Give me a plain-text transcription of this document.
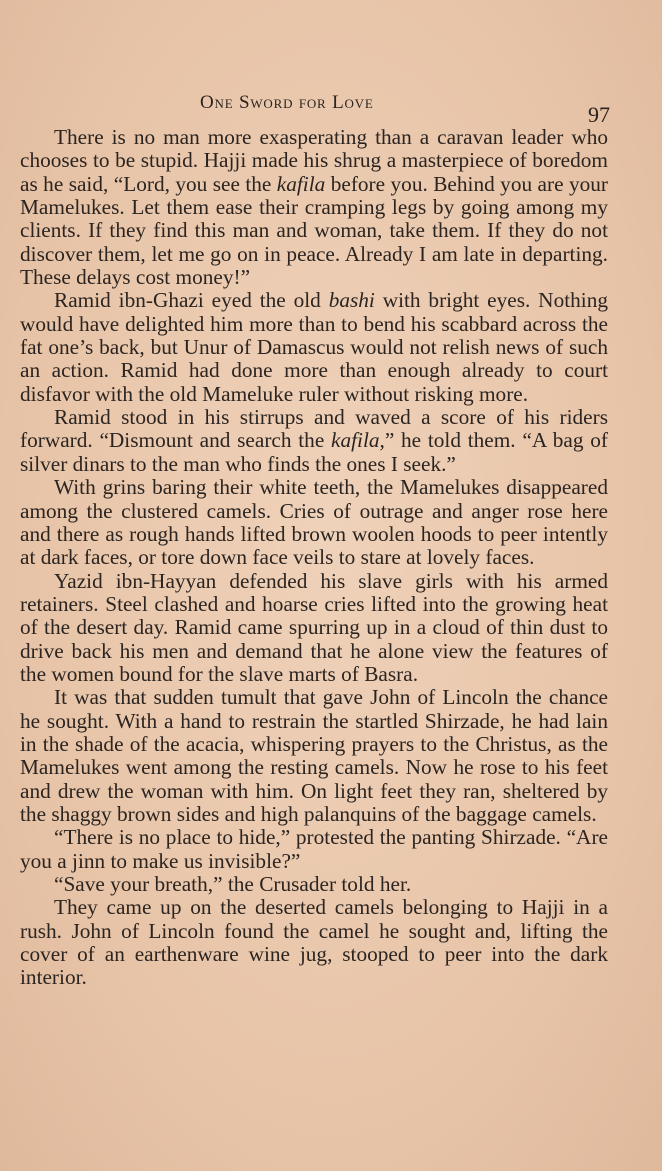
One Sword for Love	97

There is no man more exasperating than a caravan leader who chooses to be stupid. Hajji made his shrug a masterpiece of boredom as he said, “Lord, you see the kafila before you. Behind you are your Mamelukes. Let them ease their cramping legs by going among my clients. If they find this man and woman, take them. If they do not discover them, let me go on in peace. Already I am late in departing. These delays cost money!”

Ramid ibn-Ghazi eyed the old bashi with bright eyes. Nothing would have delighted him more than to bend his scabbard across the fat one’s back, but Unur of Damascus would not relish news of such an action. Ramid had done more than enough already to court disfavor with the old Mameluke ruler without risking more.

Ramid stood in his stirrups and waved a score of his riders forward. “Dismount and search the kafila,” he told them. “A bag of silver dinars to the man who finds the ones I seek.”

With grins baring their white teeth, the Mamelukes disappeared among the clustered camels. Cries of outrage and anger rose here and there as rough hands lifted brown woolen hoods to peer intently at dark faces, or tore down face veils to stare at lovely faces.

Yazid ibn-Hayyan defended his slave girls with his armed retainers. Steel clashed and hoarse cries lifted into the growing heat of the desert day. Ramid came spurring up in a cloud of thin dust to drive back his men and demand that he alone view the features of the women bound for the slave marts of Basra.

It was that sudden tumult that gave John of Lincoln the chance he sought. With a hand to restrain the startled Shirzade, he had lain in the shade of the acacia, whispering prayers to the Christus, as the Mamelukes went among the resting camels. Now he rose to his feet and drew the woman with him. On light feet they ran, sheltered by the shaggy brown sides and high palanquins of the baggage camels.

“There is no place to hide,” protested the panting Shirzade. “Are you a jinn to make us invisible?”

“Save your breath,” the Crusader told her.

They came up on the deserted camels belonging to Hajji in a rush. John of Lincoln found the camel he sought and, lifting the cover of an earthenware wine jug, stooped to peer into the dark interior.
